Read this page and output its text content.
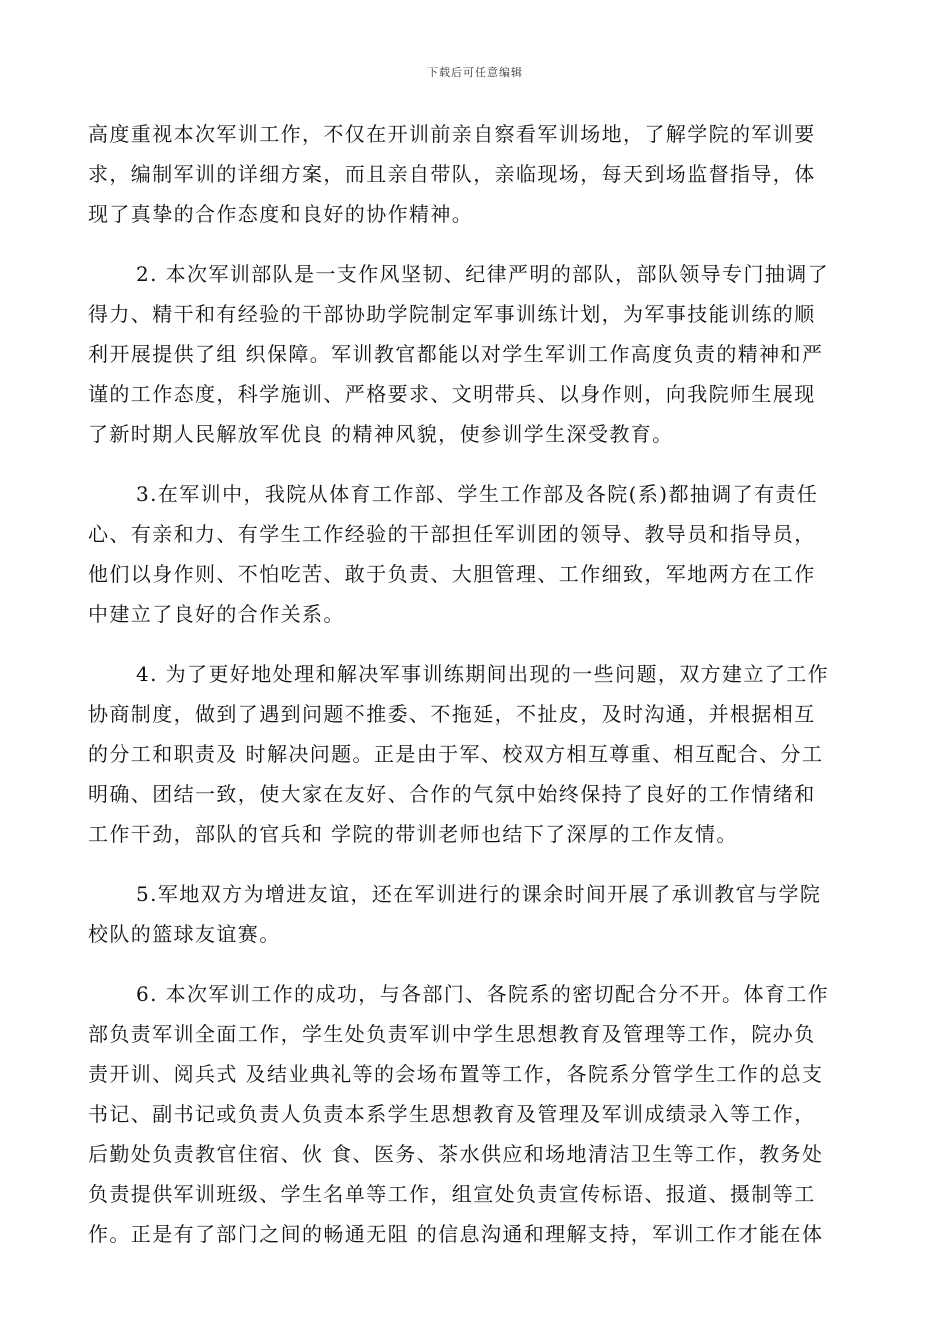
下载后可任意编辑
高度重视本次军训工作，不仅在开训前亲自察看军训场地，了解学院的军训要
求，编制军训的详细方案，而且亲自带队，亲临现场，每天到场监督指导，体
现了真挚的合作态度和良好的协作精神。
2. 本次军训部队是一支作风坚韧、纪律严明的部队，部队领导专门抽调了
得力、精干和有经验的干部协助学院制定军事训练计划，为军事技能训练的顺
利开展提供了组 织保障。军训教官都能以对学生军训工作高度负责的精神和严
谨的工作态度，科学施训、严格要求、文明带兵、以身作则，向我院师生展现
了新时期人民解放军优良 的精神风貌，使参训学生深受教育。
3.在军训中，我院从体育工作部、学生工作部及各院(系)都抽调了有责任
心、有亲和力、有学生工作经验的干部担任军训团的领导、教导员和指导员，
他们以身作则、不怕吃苦、敢于负责、大胆管理、工作细致，军地两方在工作
中建立了良好的合作关系。
4. 为了更好地处理和解决军事训练期间出现的一些问题，双方建立了工作
协商制度，做到了遇到问题不推委、不拖延，不扯皮，及时沟通，并根据相互
的分工和职责及 时解决问题。正是由于军、校双方相互尊重、相互配合、分工
明确、团结一致，使大家在友好、合作的气氛中始终保持了良好的工作情绪和
工作干劲，部队的官兵和 学院的带训老师也结下了深厚的工作友情。
5.军地双方为增进友谊，还在军训进行的课余时间开展了承训教官与学院
校队的篮球友谊赛。
6. 本次军训工作的成功，与各部门、各院系的密切配合分不开。体育工作
部负责军训全面工作，学生处负责军训中学生思想教育及管理等工作，院办负
责开训、阅兵式 及结业典礼等的会场布置等工作，各院系分管学生工作的总支
书记、副书记或负责人负责本系学生思想教育及管理及军训成绩录入等工作，
后勤处负责教官住宿、伙 食、医务、茶水供应和场地清洁卫生等工作，教务处
负责提供军训班级、学生名单等工作，组宣处负责宣传标语、报道、摄制等工
作。正是有了部门之间的畅通无阻 的信息沟通和理解支持，军训工作才能在体
